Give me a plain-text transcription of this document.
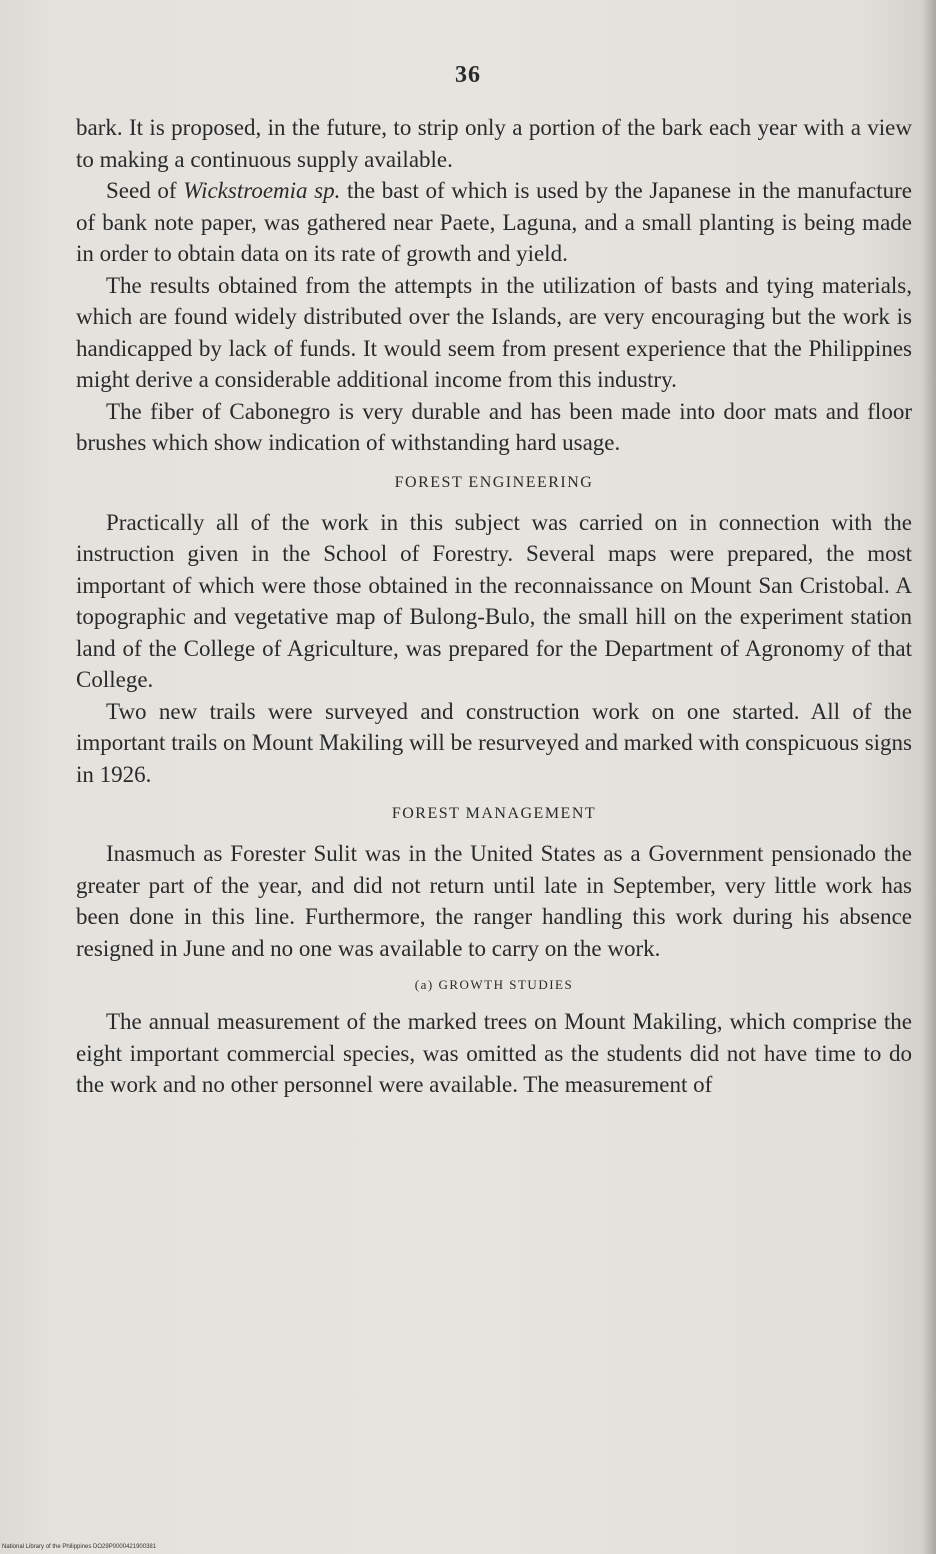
36

bark. It is proposed, in the future, to strip only a portion of the bark each year with a view to making a continuous supply available.

Seed of Wickstroemia sp. the bast of which is used by the Japanese in the manufacture of bank note paper, was gathered near Paete, Laguna, and a small planting is being made in order to obtain data on its rate of growth and yield.

The results obtained from the attempts in the utilization of basts and tying materials, which are found widely distributed over the Islands, are very encouraging but the work is handicapped by lack of funds. It would seem from present experience that the Philippines might derive a considerable additional income from this industry.

The fiber of Cabonegro is very durable and has been made into door mats and floor brushes which show indication of withstanding hard usage.

FOREST ENGINEERING

Practically all of the work in this subject was carried on in connection with the instruction given in the School of Forestry. Several maps were prepared, the most important of which were those obtained in the reconnaissance on Mount San Cristobal. A topographic and vegetative map of Bulong-Bulo, the small hill on the experiment station land of the College of Agriculture, was prepared for the Department of Agronomy of that College.

Two new trails were surveyed and construction work on one started. All of the important trails on Mount Makiling will be resurveyed and marked with conspicuous signs in 1926.

FOREST MANAGEMENT

Inasmuch as Forester Sulit was in the United States as a Government pensionado the greater part of the year, and did not return until late in September, very little work has been done in this line. Furthermore, the ranger handling this work during his absence resigned in June and no one was available to carry on the work.

(a) GROWTH STUDIES

The annual measurement of the marked trees on Mount Makiling, which comprise the eight important commercial species, was omitted as the students did not have time to do the work and no other personnel were available. The measurement of

National Library of the Philippines DO29P0000421900381
